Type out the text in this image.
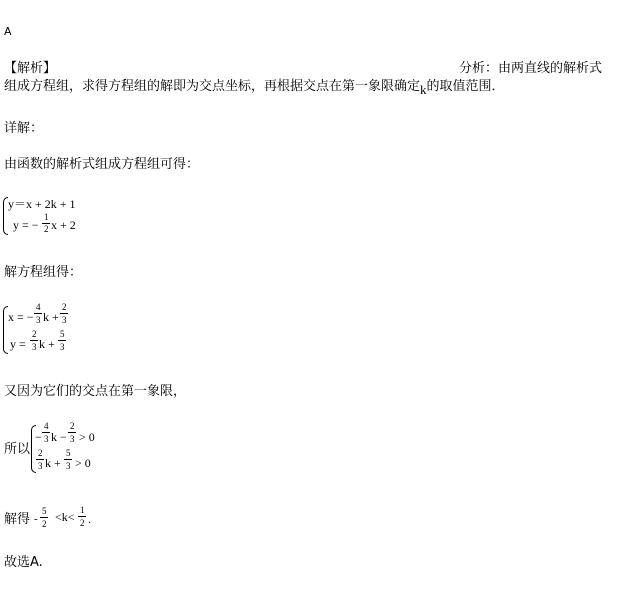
A
【解析】	分析：由两直线的解析式
组成方程组，求得方程组的解即为交点坐标，再根据交点在第一象限确定k的取值范围．
详解：
由函数的解析式组成方程组可得：
y＝x + 2k + 1
y = −
1
2 x + 2
解方程组得：
x = −
4
3 k +
2
3
y =
2
3 k +
5
3
又因为它们的交点在第一象限，
所以
−
4
3 k −
2
3 > 0
2
3 k +
5
3 > 0
解得 -
5
2 <k< 1
2 .
故选A.
